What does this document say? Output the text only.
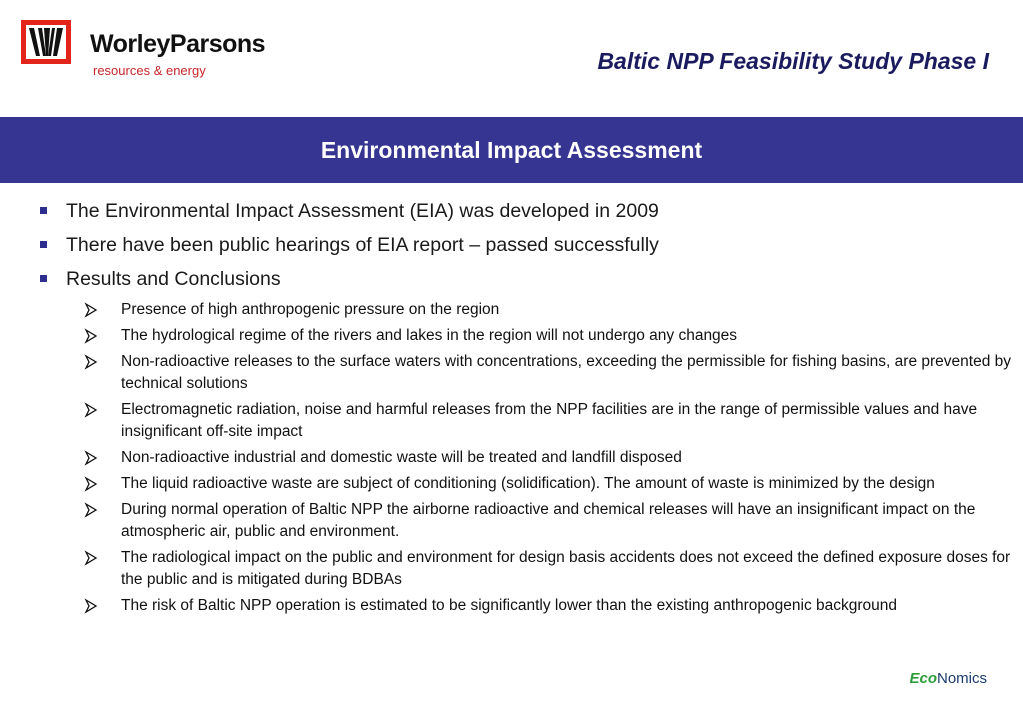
WorleyParsons
resources & energy	Baltic NPP Feasibility Study Phase I
Environmental Impact Assessment
The Environmental Impact Assessment (EIA) was developed in 2009
There have been public hearings of EIA report – passed successfully
Results and Conclusions
Presence of high anthropogenic pressure on the region
The hydrological regime of the rivers and lakes in the region will not undergo any changes
Non-radioactive releases to the surface waters with concentrations, exceeding the permissible for fishing basins, are prevented by technical solutions
Electromagnetic radiation, noise and harmful releases from the NPP facilities are in the range of permissible values and have insignificant off-site impact
Non-radioactive industrial and domestic waste will be treated and landfill disposed
The liquid radioactive waste are subject of conditioning (solidification). The amount of waste is minimized by the design
During normal operation of Baltic NPP the airborne radioactive and chemical releases will have an insignificant impact on the atmospheric air, public and environment.
The radiological impact on the public and environment for design basis accidents does not exceed the defined exposure doses for the public and is mitigated during BDBAs
The risk of Baltic NPP operation is estimated to be significantly lower than the existing anthropogenic background
EcoNomics
